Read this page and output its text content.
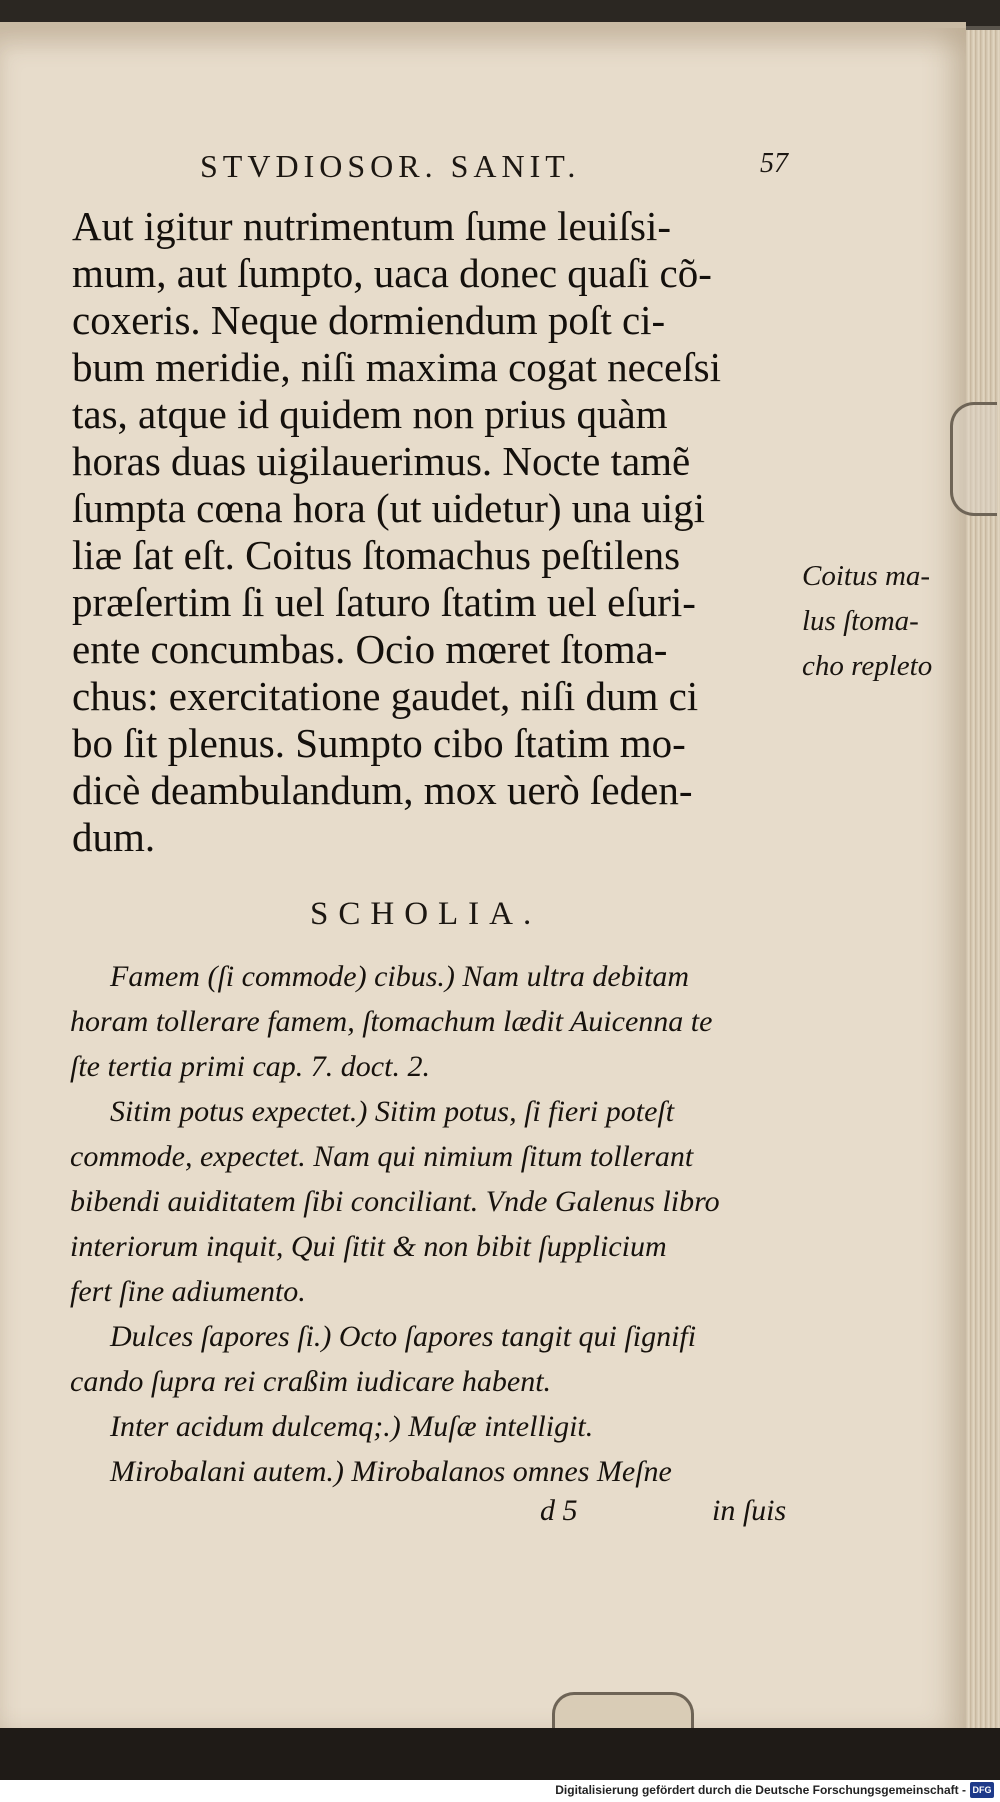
STVDIOSOR. SANIT.	57
Aut igitur nutrimentum ſume leuiſsi-
mum, aut ſumpto, uaca donec quaſi cõ-
coxeris. Neque dormiendum poſt ci-
bum meridie, niſi maxima cogat neceſsi
tas, atque id quidem non prius quàm
horas duas uigilauerimus. Nocte tamẽ
ſumpta cœna hora (ut uidetur) una uigi
liæ ſat eſt. Coitus ſtomachus peſtilens
præſertim ſi uel ſaturo ſtatim uel eſuri-
ente concumbas. Ocio mœret ſtoma-
chus: exercitatione gaudet, niſi dum ci
bo ſit plenus. Sumpto cibo ſtatim mo-
dicè deambulandum, mox uerò ſeden-
dum.
Coitus ma-
lus ſtoma-
cho repleto
SCHOLIA.
Famem (ſi commode) cibus.) Nam ultra debitam
horam tollerare famem, ſtomachum lædit Auicenna te
ſte tertia primi cap. 7. doct. 2.
Sitim potus expectet.) Sitim potus, ſi fieri poteſt
commode, expectet. Nam qui nimium ſitum tollerant
bibendi auiditatem ſibi conciliant. Vnde Galenus libro
interiorum inquit, Qui ſitit & non bibit ſupplicium
fert ſine adiumento.
Dulces ſapores ſi.) Octo ſapores tangit qui ſignifi
cando ſupra rei craßim iudicare habent.
Inter acidum dulcemq;.) Muſæ intelligit.
Mirobalani autem.) Mirobalanos omnes Meſne
d 5	in ſuis
Digitalisierung gefördert durch die Deutsche Forschungsgemeinschaft - DFG
